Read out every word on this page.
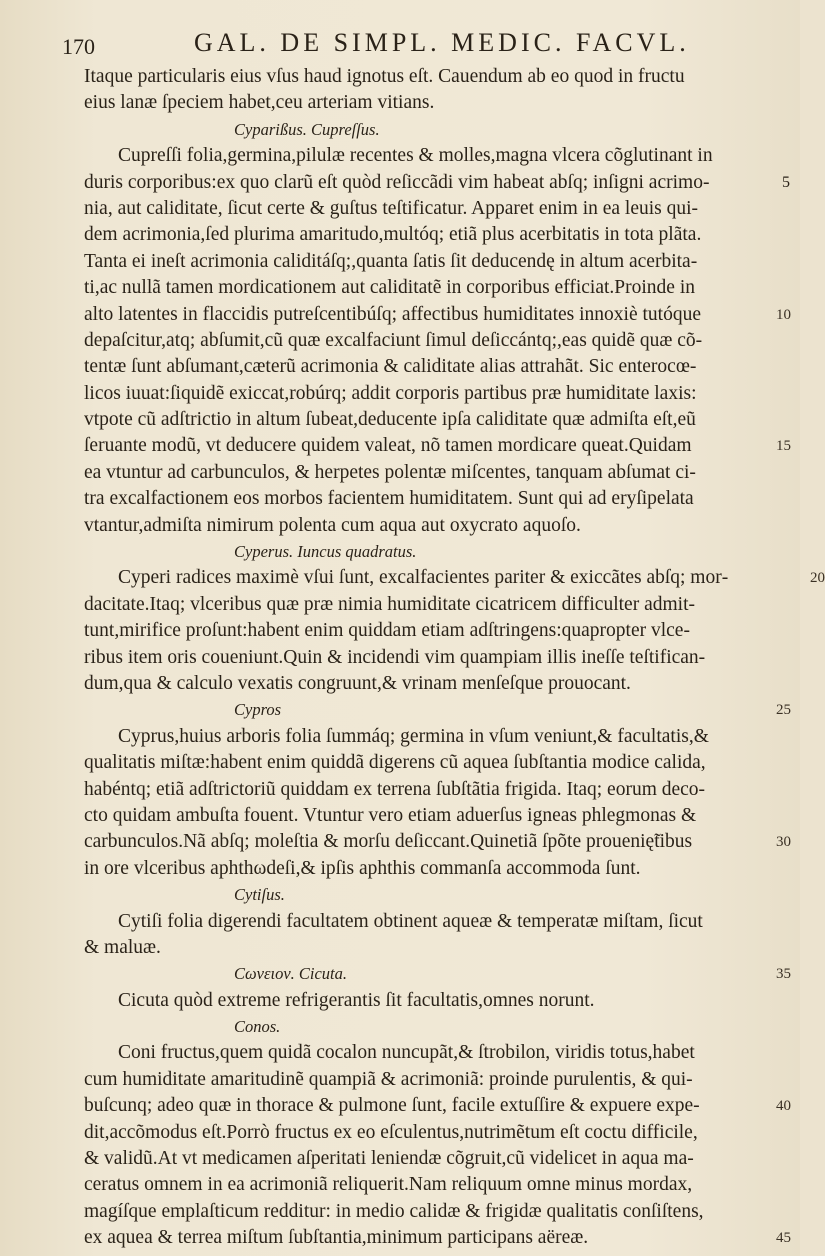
170	GAL. DE SIMPL. MEDIC. FACVL.
Itaque particularis eius vſus haud ignotus eſt. Cauendum ab eo quod in fructu
eius lanæ ſpeciem habet,ceu arteriam vitians.
Cyparißus. Cupreſſus.
Cupreſſi folia,germina,pilulæ recentes & molles,magna vlcera cõglutinant in
duris corporibus:ex quo clarũ eſt quòd reſiccãdi vim habeat abſq; inſigni acrimo‑	5
nia, aut caliditate, ſicut certe & guſtus teſtificatur. Apparet enim in ea leuis qui‑
dem acrimonia,ſed plurima amaritudo,multóq; etiã plus acerbitatis in tota plãta.
Tanta ei ineſt acrimonia caliditáſq;,quanta ſatis ſit deducendę in altum acerbita‑
ti,ac nullã tamen mordicationem aut caliditatẽ in corporibus efficiat.Proinde in
alto latentes in flaccidis putreſcentibúſq; affectibus humiditates innoxiè tutóque	10
depaſcitur,atq; abſumit,cũ quæ excalfaciunt ſimul deſiccántq;,eas quidẽ quæ cõ‑
tentæ ſunt abſumant,cæterũ acrimonia & caliditate alias attrahãt. Sic enterocœ‑
licos iuuat:ſiquidẽ exiccat,robúrq; addit corporis partibus præ humiditate laxis:
vtpote cũ adſtrictio in altum ſubeat,deducente ipſa caliditate quæ admiſta eſt,eũ
ſeruante modũ, vt deducere quidem valeat, nõ tamen mordicare queat.Quidam	15
ea vtuntur ad carbunculos, & herpetes polentæ miſcentes, tanquam abſumat ci‑
tra excalfactionem eos morbos facientem humiditatem. Sunt qui ad eryſipelata
vtantur,admiſta nimirum polenta cum aqua aut oxycrato aquoſo.
Cyperus. Iuncus quadratus.
Cyperi radices maximè vſui ſunt, excalfacientes pariter & exiccãtes abſq; mor‑	20
dacitate.Itaq; vlceribus quæ præ nimia humiditate cicatricem difficulter admit‑
tunt,mirifice proſunt:habent enim quiddam etiam adſtringens:quapropter vlce‑
ribus item oris coueniunt.Quin & incidendi vim quampiam illis ineſſe teſtifican‑
dum,qua & calculo vexatis congruunt,& vrinam menſeſque prouocant.
Cypros	25
Cyprus,huius arboris folia ſummáq; germina in vſum veniunt,& facultatis,&
qualitatis miſtæ:habent enim quiddã digerens cũ aquea ſubſtantia modice calida,
habéntq; etiã adſtrictoriũ quiddam ex terrena ſubſtãtia frigida. Itaq; eorum deco‑
cto quidam ambuſta fouent. Vtuntur vero etiam aduerſus igneas phlegmonas &
carbunculos.Nã abſq; moleſtia & morſu deſiccant.Quinetiã ſpõte prouenię̃tibus	30
in ore vlceribus aphthωdeſi,& ipſis aphthis commanſa accommoda ſunt.
Cytiſus.
Cytiſi folia digerendi facultatem obtinent aqueæ & temperatæ miſtam, ſicut
& maluæ.
Cωνειον. Cicuta.	35
Cicuta quòd extreme refrigerantis ſit facultatis,omnes norunt.
Conos.
Coni fructus,quem quidã cocalon nuncupãt,& ſtrobilon, viridis totus,habet
cum humiditate amaritudinẽ quampiã & acrimoniã: proinde purulentis, & qui‑
buſcunq; adeo quæ in thorace & pulmone ſunt, facile extuſſire & expuere expe‑	40
dit,accõmodus eſt.Porrò fructus ex eo eſculentus,nutrimẽtum eſt coctu difficile,
& validũ.At vt medicamen aſperitati leniendæ cõgruit,cũ videlicet in aqua ma‑
ceratus omnem in ea acrimoniã reliquerit.Nam reliquum omne minus mordax,
magíſque emplaſticum redditur: in medio calidæ & frigidæ qualitatis conſiſtens,
ex aquea & terrea miſtum ſubſtantia,minimum participans aëreæ.	45
